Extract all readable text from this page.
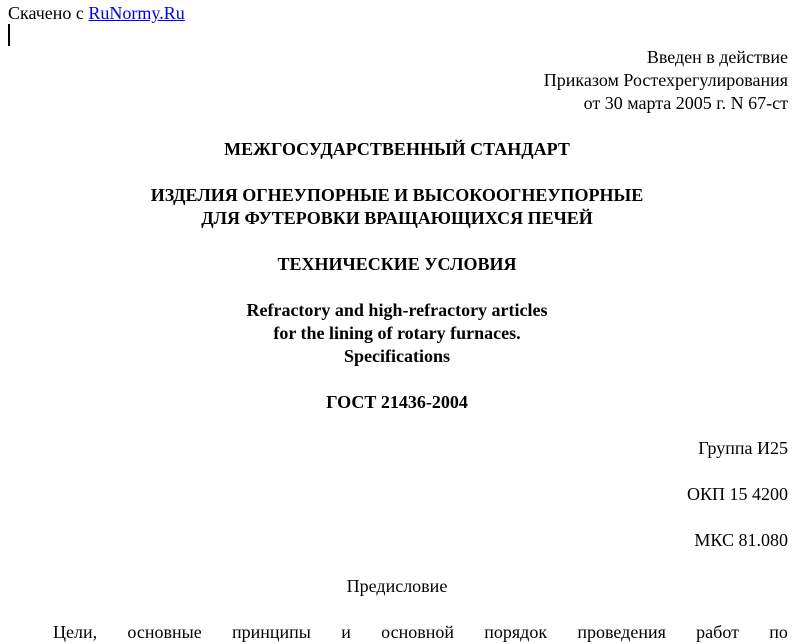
Скачено с RuNormy.Ru
Введен в действие
Приказом Ростехрегулирования
от 30 марта 2005 г. N 67-ст
МЕЖГОСУДАРСТВЕННЫЙ СТАНДАРТ
ИЗДЕЛИЯ ОГНЕУПОРНЫЕ И ВЫСОКООГНЕУПОРНЫЕ
ДЛЯ ФУТЕРОВКИ ВРАЩАЮЩИХСЯ ПЕЧЕЙ
ТЕХНИЧЕСКИЕ УСЛОВИЯ
Refractory and high-refractory articles
for the lining of rotary furnaces.
Specifications
ГОСТ 21436-2004
Группа И25
ОКП 15 4200
МКС 81.080
Предисловие
Цели, основные принципы и основной порядок проведения работ по
